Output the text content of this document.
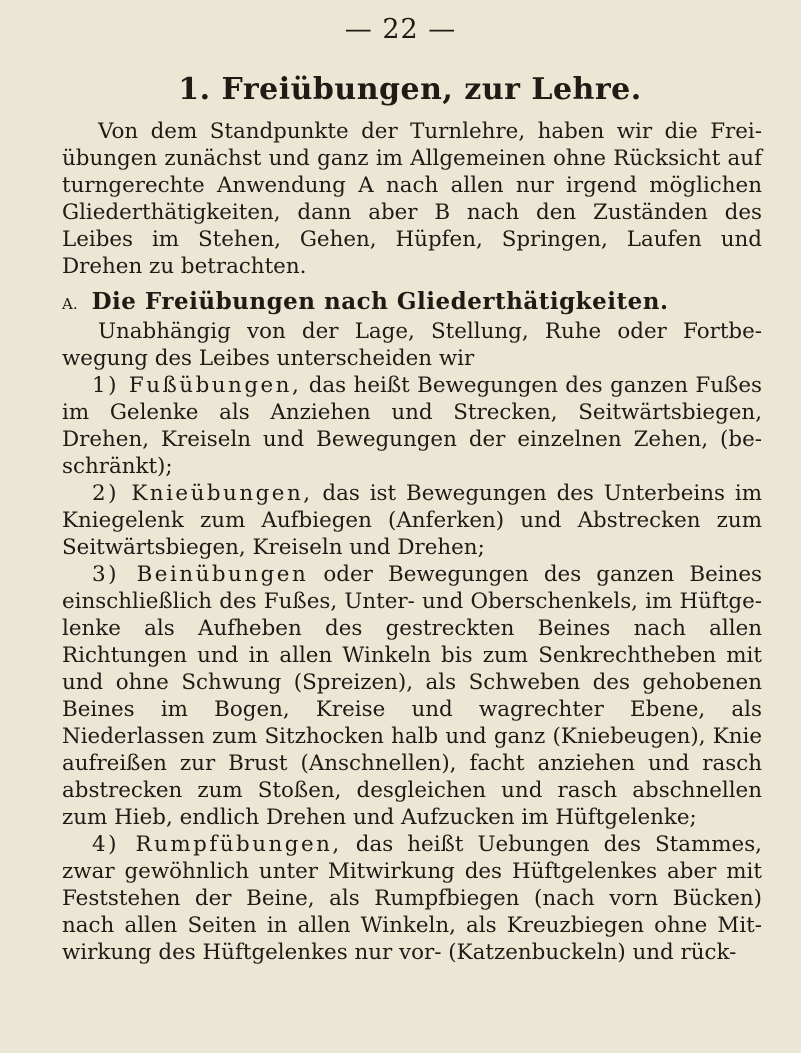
— 22 —
1. Freiübungen, zur Lehre.

Von dem Standpunkte der Turnlehre, haben wir die Frei- übungen zunächst und ganz im Allgemeinen ohne Rücksicht auf turngerechte Anwendung A nach allen nur irgend möglichen Gliederthätigkeiten, dann aber B nach den Zuständen des Leibes im Stehen, Gehen, Hüpfen, Springen, Laufen und Drehen zu betrachten.

A. Die Freiübungen nach Gliederthätigkeiten.

Unabhängig von der Lage, Stellung, Ruhe oder Fortbe- wegung des Leibes unterscheiden wir

1) Fußübungen, das heißt Bewegungen des ganzen Fußes im Gelenke als Anziehen und Strecken, Seitwärtsbiegen, Drehen, Kreiseln und Bewegungen der einzelnen Zehen, (be- schränkt);

2) Knieübungen, das ist Bewegungen des Unterbeins im Kniegelenk zum Aufbiegen (Anferken) und Abstrecken zum Seitwärtsbiegen, Kreiseln und Drehen;

3) Beinübungen oder Bewegungen des ganzen Beines einschließlich des Fußes, Unter- und Oberschenkels, im Hüftge- lenke als Aufheben des gestreckten Beines nach allen Richtungen und in allen Winkeln bis zum Senkrechtheben mit und ohne Schwung (Spreizen), als Schweben des gehobenen Beines im Bogen, Kreise und wagrechter Ebene, als Niederlassen zum Sitzhocken halb und ganz (Kniebeugen), Knie aufreißen zur Brust (Anschnellen), facht anziehen und rasch abstrecken zum Stoßen, desgleichen und rasch abschnellen zum Hieb, endlich Drehen und Aufzucken im Hüftgelenke;

4) Rumpfübungen, das heißt Uebungen des Stammes, zwar gewöhnlich unter Mitwirkung des Hüftgelenkes aber mit Feststehen der Beine, als Rumpfbiegen (nach vorn Bücken) nach allen Seiten in allen Winkeln, als Kreuzbiegen ohne Mit- wirkung des Hüftgelenkes nur vor- (Katzenbuckeln) und rück-
